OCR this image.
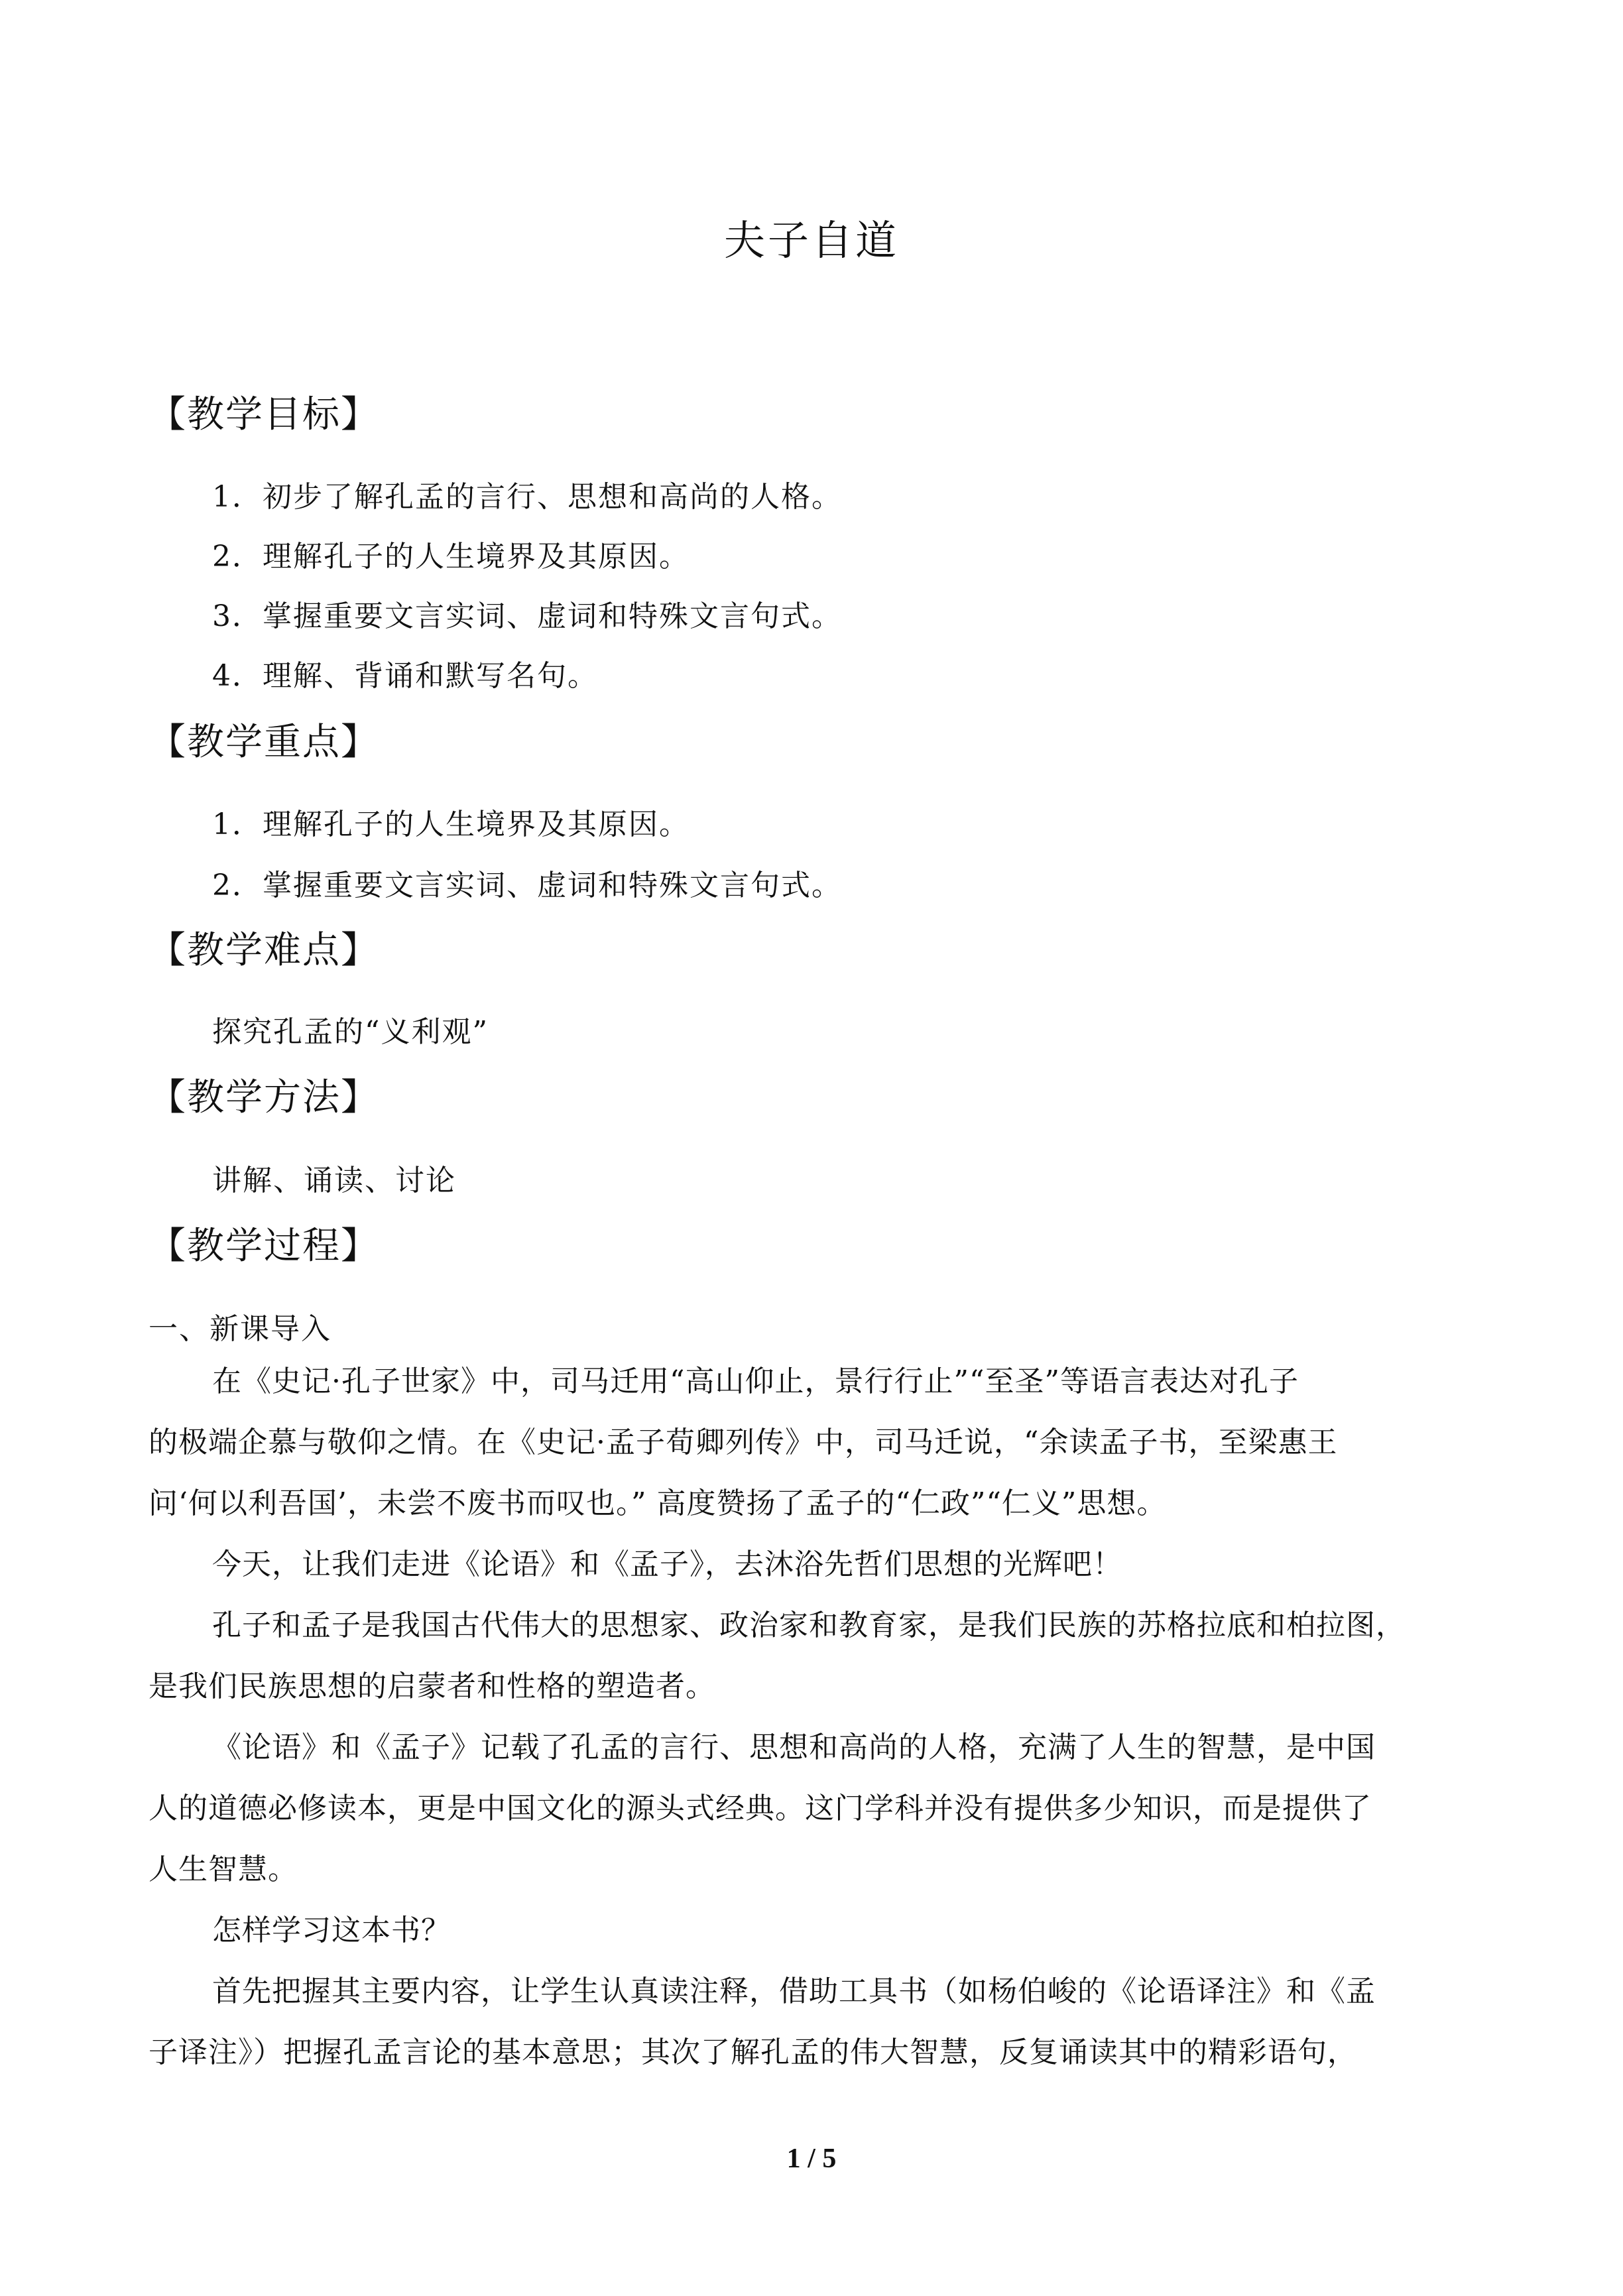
夫子自道
【教学目标】
1．初步了解孔孟的言行、思想和高尚的人格。
2．理解孔子的人生境界及其原因。
3．掌握重要文言实词、虚词和特殊文言句式。
4．理解、背诵和默写名句。
【教学重点】
1．理解孔子的人生境界及其原因。
2．掌握重要文言实词、虚词和特殊文言句式。
【教学难点】
探究孔孟的“义利观”
【教学方法】
讲解、诵读、讨论
【教学过程】
一、新课导入
在《史记·孔子世家》中，司马迁用“高山仰止，景行行止”“至圣”等语言表达对孔子
的极端企慕与敬仰之情。在《史记·孟子荀卿列传》中，司马迁说，“余读孟子书，至梁惠王
问‘何以利吾国’，未尝不废书而叹也。” 高度赞扬了孟子的“仁政”“仁义”思想。
今天，让我们走进《论语》和《孟子》，去沐浴先哲们思想的光辉吧！
孔子和孟子是我国古代伟大的思想家、政治家和教育家，是我们民族的苏格拉底和柏拉图，
是我们民族思想的启蒙者和性格的塑造者。
《论语》和《孟子》记载了孔孟的言行、思想和高尚的人格，充满了人生的智慧，是中国
人的道德必修读本，更是中国文化的源头式经典。这门学科并没有提供多少知识，而是提供了
人生智慧。
怎样学习这本书？
首先把握其主要内容，让学生认真读注释，借助工具书（如杨伯峻的《论语译注》和《孟
子译注》）把握孔孟言论的基本意思；其次了解孔孟的伟大智慧，反复诵读其中的精彩语句，
1 / 5
